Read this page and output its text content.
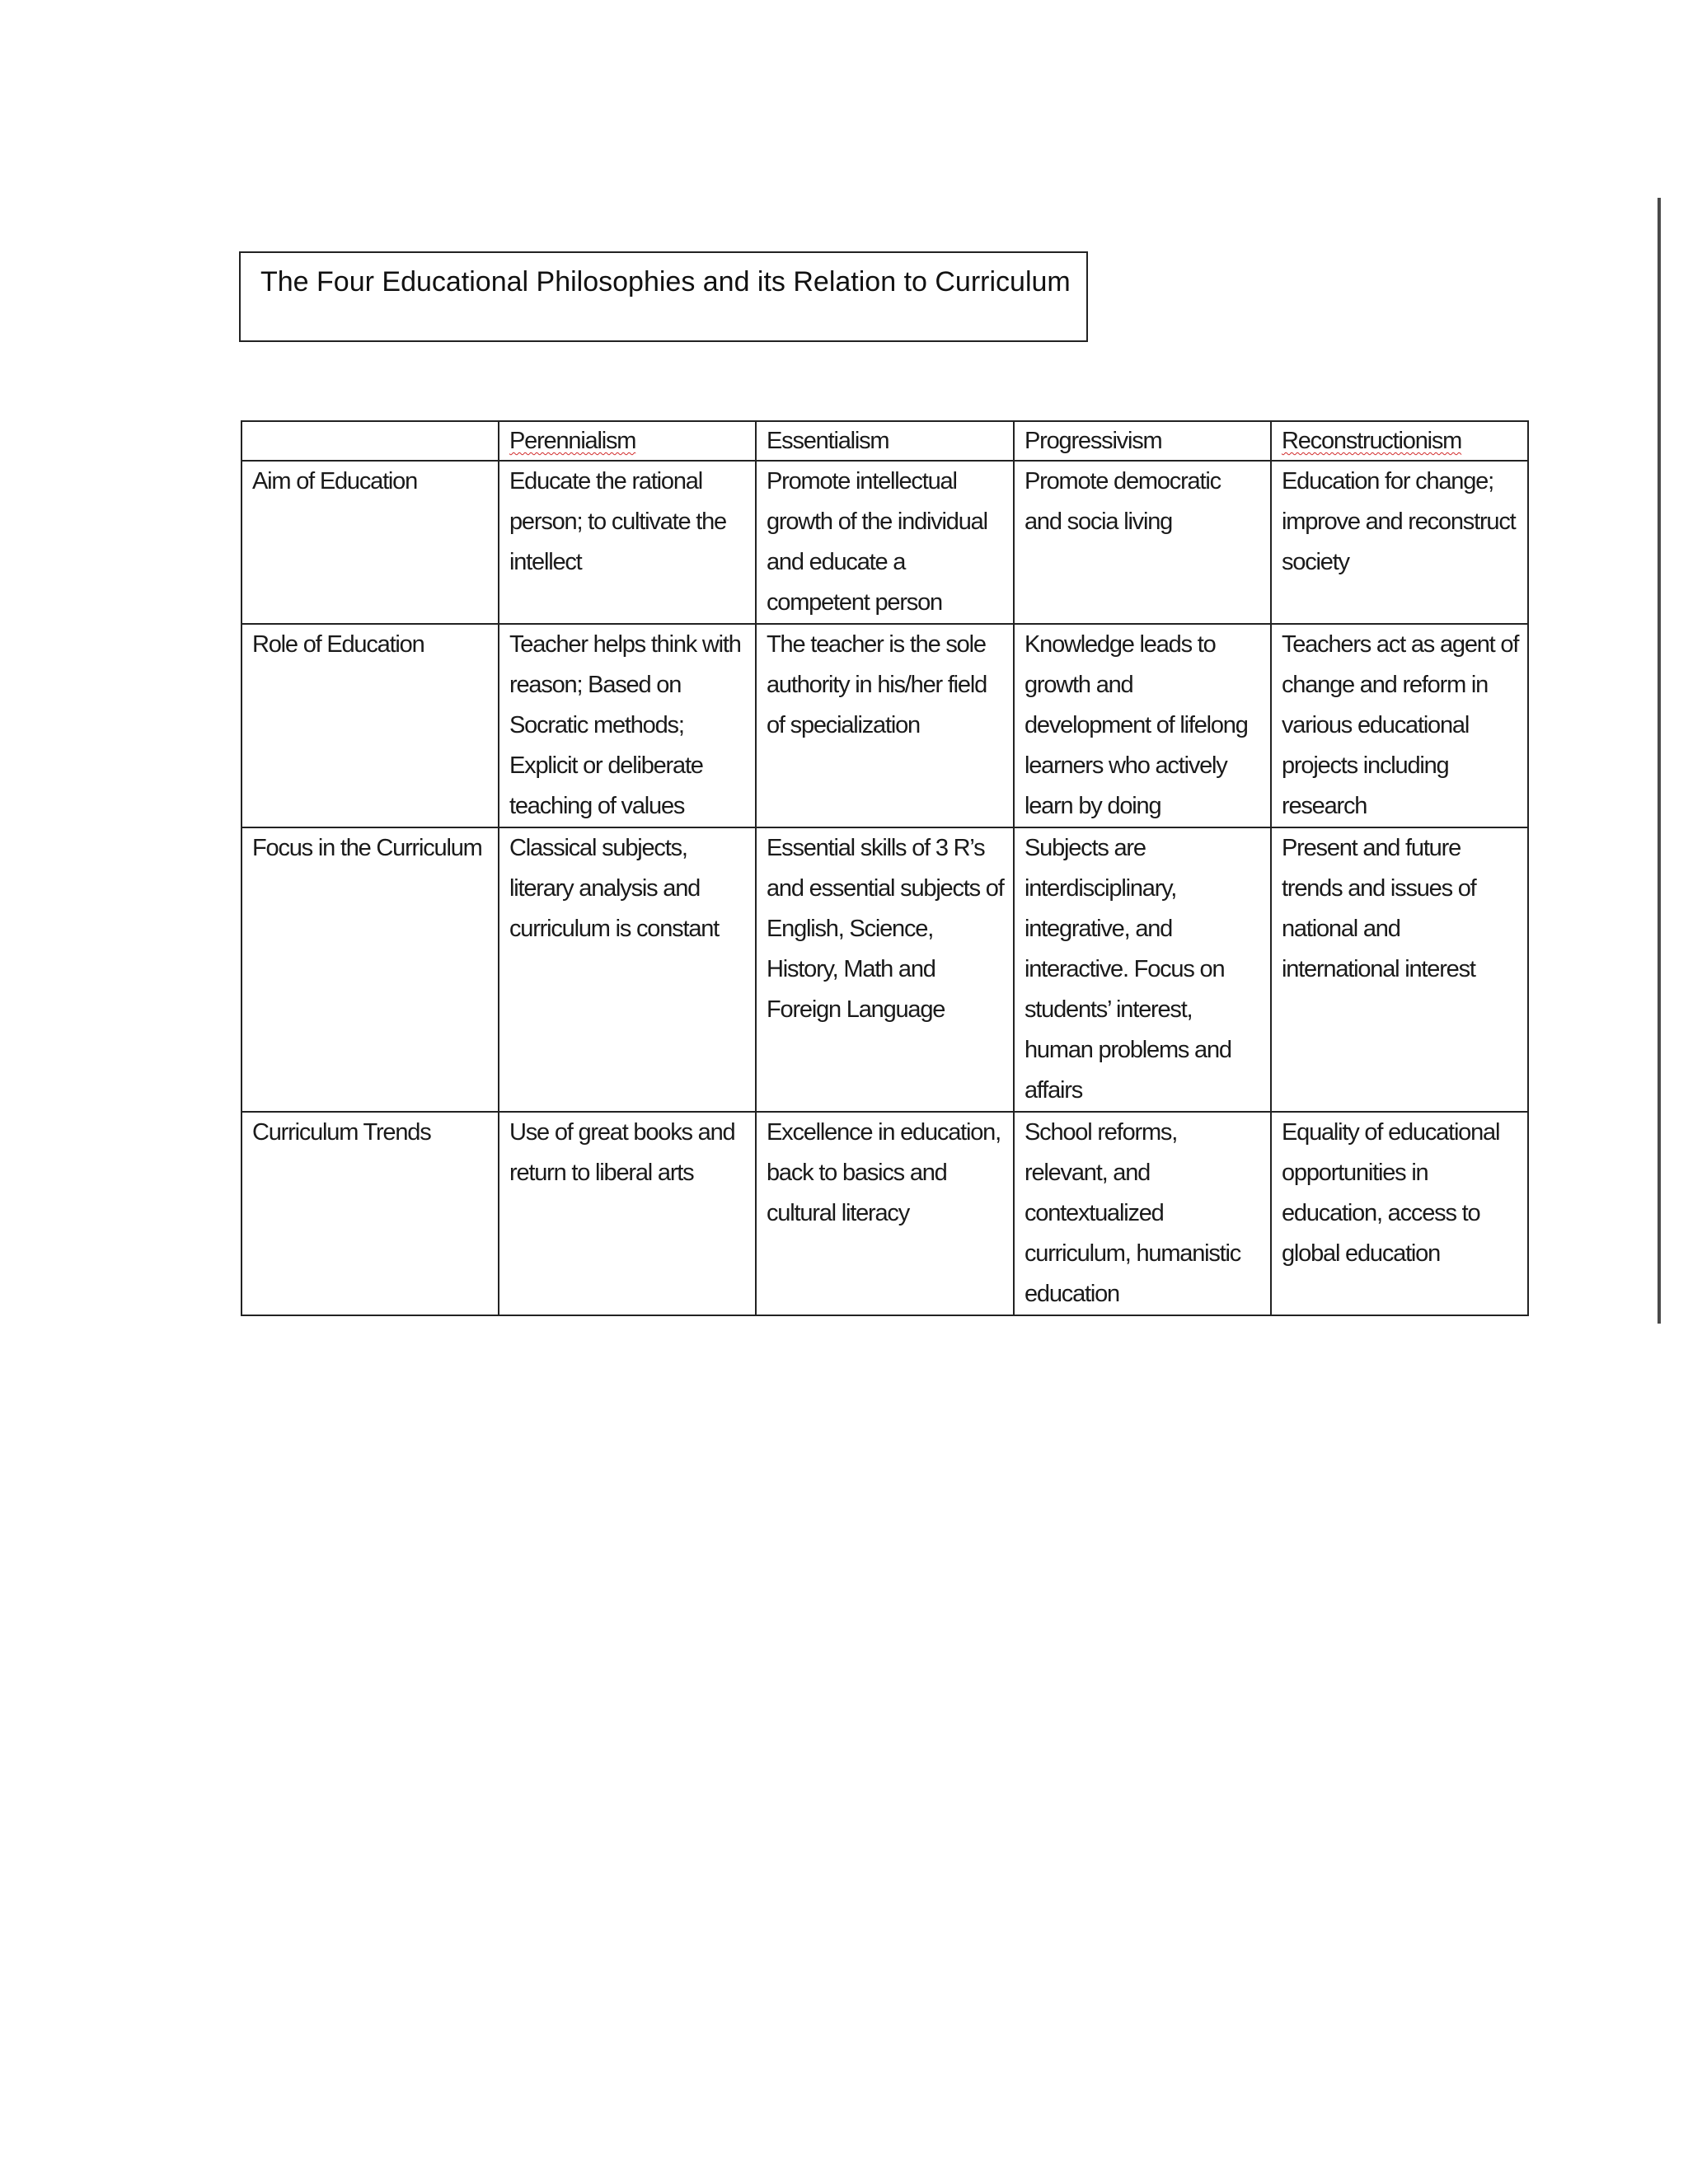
The Four Educational Philosophies and its Relation to Curriculum
	Perennialism	Essentialism	Progressivism	Reconstructionism
Aim of Education	Educate the rational person; to cultivate the intellect	Promote intellectual growth of the individual and educate a competent person	Promote democratic and socia living	Education for change; improve and reconstruct society
Role of Education	Teacher helps think with reason; Based on Socratic methods; Explicit or deliberate teaching of values	The teacher is the sole authority in his/her field of specialization	Knowledge leads to growth and development of lifelong learners who actively learn by doing	Teachers act as agent of change and reform in various educational projects including research
Focus in the Curriculum	Classical subjects, literary analysis and curriculum is constant	Essential skills of 3 R’s and essential subjects of English, Science, History, Math and Foreign Language	Subjects are interdisciplinary, integrative, and interactive. Focus on students’ interest, human problems and affairs	Present and future trends and issues of national and international interest
Curriculum Trends	Use of great books and return to liberal arts	Excellence in education, back to basics and cultural literacy	School reforms, relevant, and contextualized curriculum, humanistic education	Equality of educational opportunities in education, access to global education
